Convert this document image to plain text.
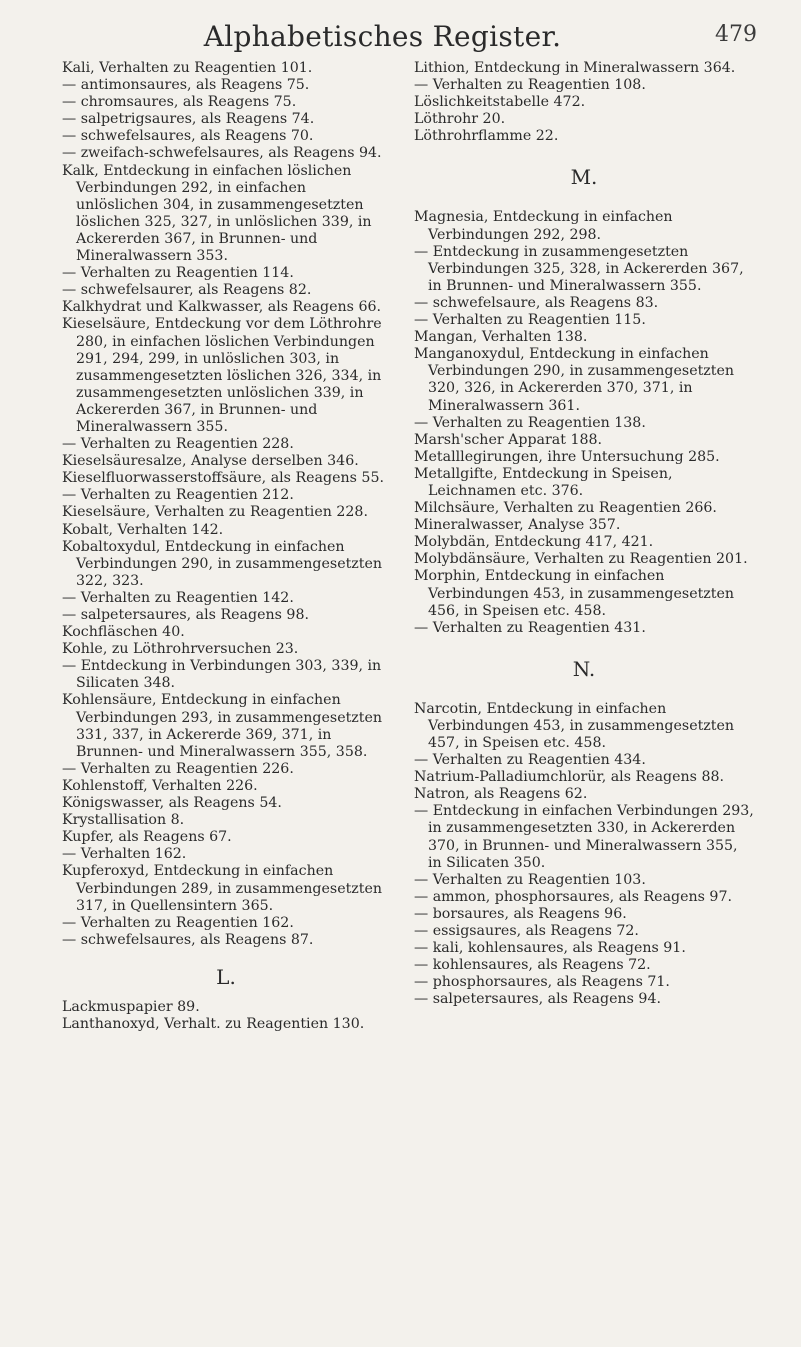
Alphabetisches Register.	479

Kali, Verhalten zu Reagentien 101.

— antimonsaures, als Reagens 75.

— chromsaures, als Reagens 75.

— salpetrigsaures, als Reagens 74.

— schwefelsaures, als Reagens 70.

— zweifach-schwefelsaures, als Reagens 94.

Kalk, Entdeckung in einfachen löslichen Verbindungen 292, in einfachen unlöslichen 304, in zusammengesetzten löslichen 325, 327, in unlöslichen 339, in Ackererden 367, in Brunnen- und Mineralwassern 353.

— Verhalten zu Reagentien 114.

— schwefelsaurer, als Reagens 82.

Kalkhydrat und Kalkwasser, als Reagens 66.

Kieselsäure, Entdeckung vor dem Löthrohre 280, in einfachen löslichen Verbindungen 291, 294, 299, in unlöslichen 303, in zusammengesetzten löslichen 326, 334, in zusammengesetzten unlöslichen 339, in Ackererden 367, in Brunnen- und Mineralwassern 355.

— Verhalten zu Reagentien 228.

Kieselsäuresalze, Analyse derselben 346.

Kieselfluorwasserstoffsäure, als Reagens 55.

— Verhalten zu Reagentien 212.

Kieselsäure, Verhalten zu Reagentien 228.

Kobalt, Verhalten 142.

Kobaltoxydul, Entdeckung in einfachen Verbindungen 290, in zusammengesetzten 322, 323.

— Verhalten zu Reagentien 142.

— salpetersaures, als Reagens 98.

Kochfläschen 40.

Kohle, zu Löthrohrversuchen 23.

— Entdeckung in Verbindungen 303, 339, in Silicaten 348.

Kohlensäure, Entdeckung in einfachen Verbindungen 293, in zusammengesetzten 331, 337, in Ackererde 369, 371, in Brunnen- und Mineralwassern 355, 358.

— Verhalten zu Reagentien 226.

Kohlenstoff, Verhalten 226.

Königswasser, als Reagens 54.

Krystallisation 8.

Kupfer, als Reagens 67.

— Verhalten 162.

Kupferoxyd, Entdeckung in einfachen Verbindungen 289, in zusammengesetzten 317, in Quellensintern 365.

— Verhalten zu Reagentien 162.

— schwefelsaures, als Reagens 87.

L.

Lackmuspapier 89.

Lanthanoxyd, Verhalt. zu Reagentien 130.

Lithion, Entdeckung in Mineralwassern 364.

— Verhalten zu Reagentien 108.

Löslichkeitstabelle 472.

Löthrohr 20.

Löthrohrflamme 22.

M.

Magnesia, Entdeckung in einfachen Verbindungen 292, 298.

— Entdeckung in zusammengesetzten Verbindungen 325, 328, in Ackererden 367, in Brunnen- und Mineralwassern 355.

— schwefelsaure, als Reagens 83.

— Verhalten zu Reagentien 115.

Mangan, Verhalten 138.

Manganoxydul, Entdeckung in einfachen Verbindungen 290, in zusammengesetzten 320, 326, in Ackererden 370, 371, in Mineralwassern 361.

— Verhalten zu Reagentien 138.

Marsh'scher Apparat 188.

Metalllegirungen, ihre Untersuchung 285.

Metallgifte, Entdeckung in Speisen, Leichnamen etc. 376.

Milchsäure, Verhalten zu Reagentien 266.

Mineralwasser, Analyse 357.

Molybdän, Entdeckung 417, 421.

Molybdänsäure, Verhalten zu Reagentien 201.

Morphin, Entdeckung in einfachen Verbindungen 453, in zusammengesetzten 456, in Speisen etc. 458.

— Verhalten zu Reagentien 431.

N.

Narcotin, Entdeckung in einfachen Verbindungen 453, in zusammengesetzten 457, in Speisen etc. 458.

— Verhalten zu Reagentien 434.

Natrium-Palladiumchlorür, als Reagens 88.

Natron, als Reagens 62.

— Entdeckung in einfachen Verbindungen 293, in zusammengesetzten 330, in Ackererden 370, in Brunnen- und Mineralwassern 355, in Silicaten 350.

— Verhalten zu Reagentien 103.

— ammon, phosphorsaures, als Reagens 97.

— borsaures, als Reagens 96.

— essigsaures, als Reagens 72.

— kali, kohlensaures, als Reagens 91.

— kohlensaures, als Reagens 72.

— phosphorsaures, als Reagens 71.

— salpetersaures, als Reagens 94.
